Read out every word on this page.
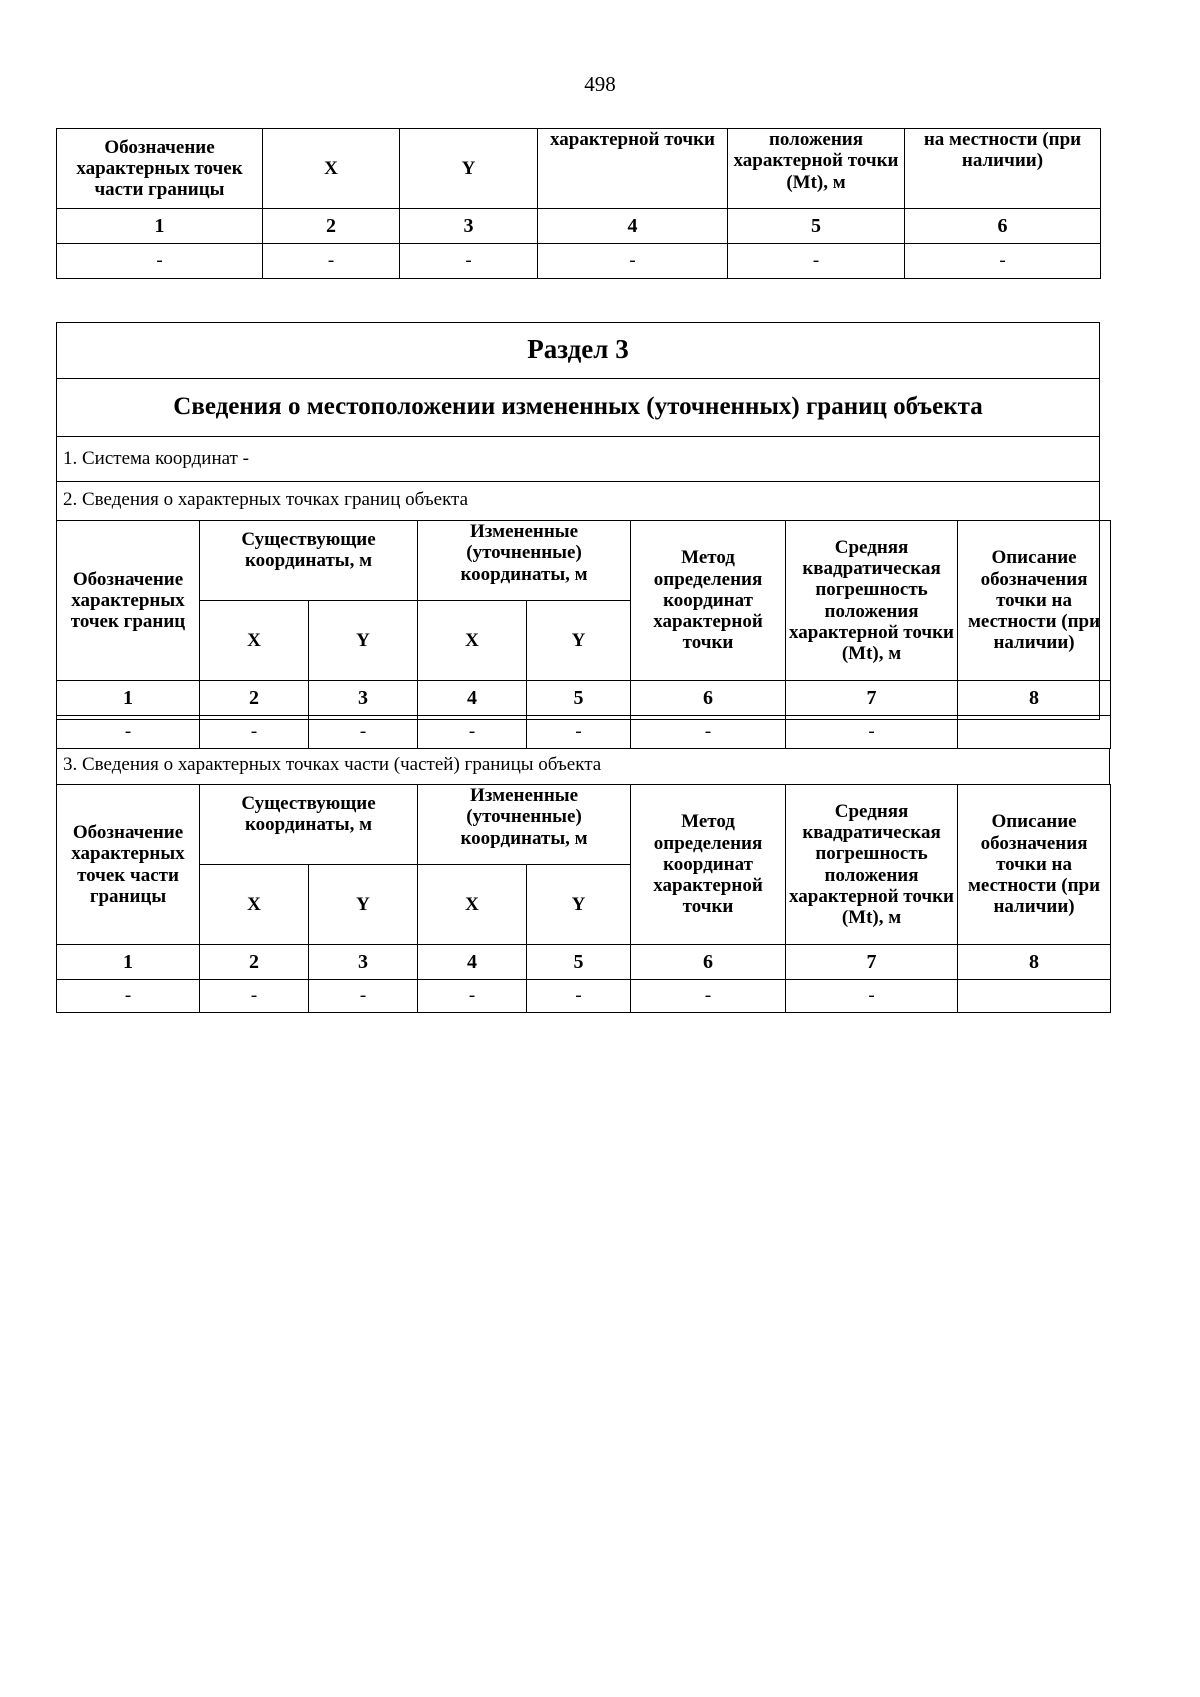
498
Обозначение характерных точек части границы	X	Y	характерной точки	положения характерной точки (Mt), м	на местности (при наличии)
1	2	3	4	5	6
-	-	-	-	-	-
Раздел 3
Сведения о местоположении измененных (уточненных) границ объекта
1. Система координат -
2. Сведения о характерных точках границ объекта
Обозначение характерных точек границ	Существующие координаты, м		Измененные (уточненные) координаты, м		Метод определения координат характерной точки	Средняя квадратическая погрешность положения характерной точки (Mt), м	Описание обозначения точки на местности (при наличии)
	X	Y	X	Y			
1	2	3	4	5	6	7	8
-	-	-	-	-	-	-	
3. Сведения о характерных точках части (частей) границы объекта
Обозначение характерных точек части границы	Существующие координаты, м		Измененные (уточненные) координаты, м		Метод определения координат характерной точки	Средняя квадратическая погрешность положения характерной точки (Mt), м	Описание обозначения точки на местности (при наличии)
	X	Y	X	Y			
1	2	3	4	5	6	7	8
-	-	-	-	-	-	-	
